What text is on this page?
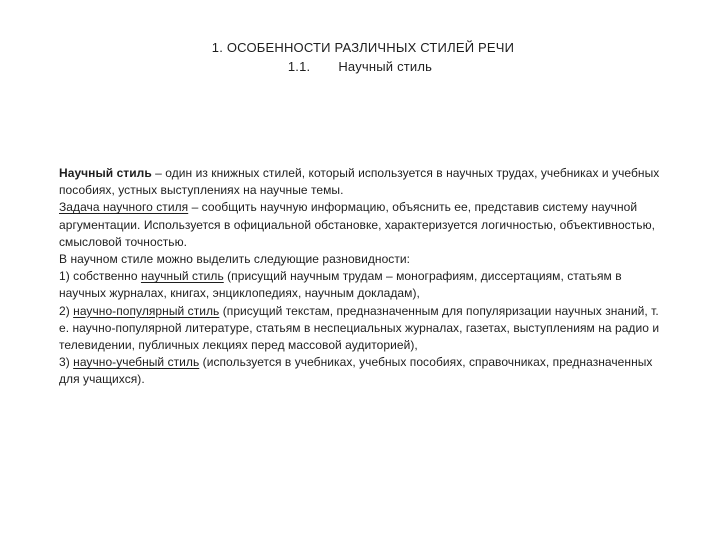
1. ОСОБЕННОСТИ РАЗЛИЧНЫХ СТИЛЕЙ РЕЧИ
1.1. Научный стиль

Научный стиль – один из книжных стилей, который используется в научных трудах, учебниках и учебных пособиях, устных выступлениях на научные темы.

Задача научного стиля – сообщить научную информацию, объяснить ее, представив систему научной аргументации. Используется в официальной обстановке, характеризуется логичностью, объективностью, смысловой точностью.

В научном стиле можно выделить следующие разновидности:

1) собственно научный стиль (присущий научным трудам – монографиям, диссертациям, статьям в научных журналах, книгах, энциклопедиях, научным докладам),

2) научно-популярный стиль (присущий текстам, предназначенным для популяризации научных знаний, т. е. научно-популярной литературе, статьям в неспециальных журналах, газетах, выступлениям на радио и телевидении, публичных лекциях перед массовой аудиторией),

3) научно-учебный стиль (используется в учебниках, учебных пособиях, справочниках, предназначенных для учащихся).
